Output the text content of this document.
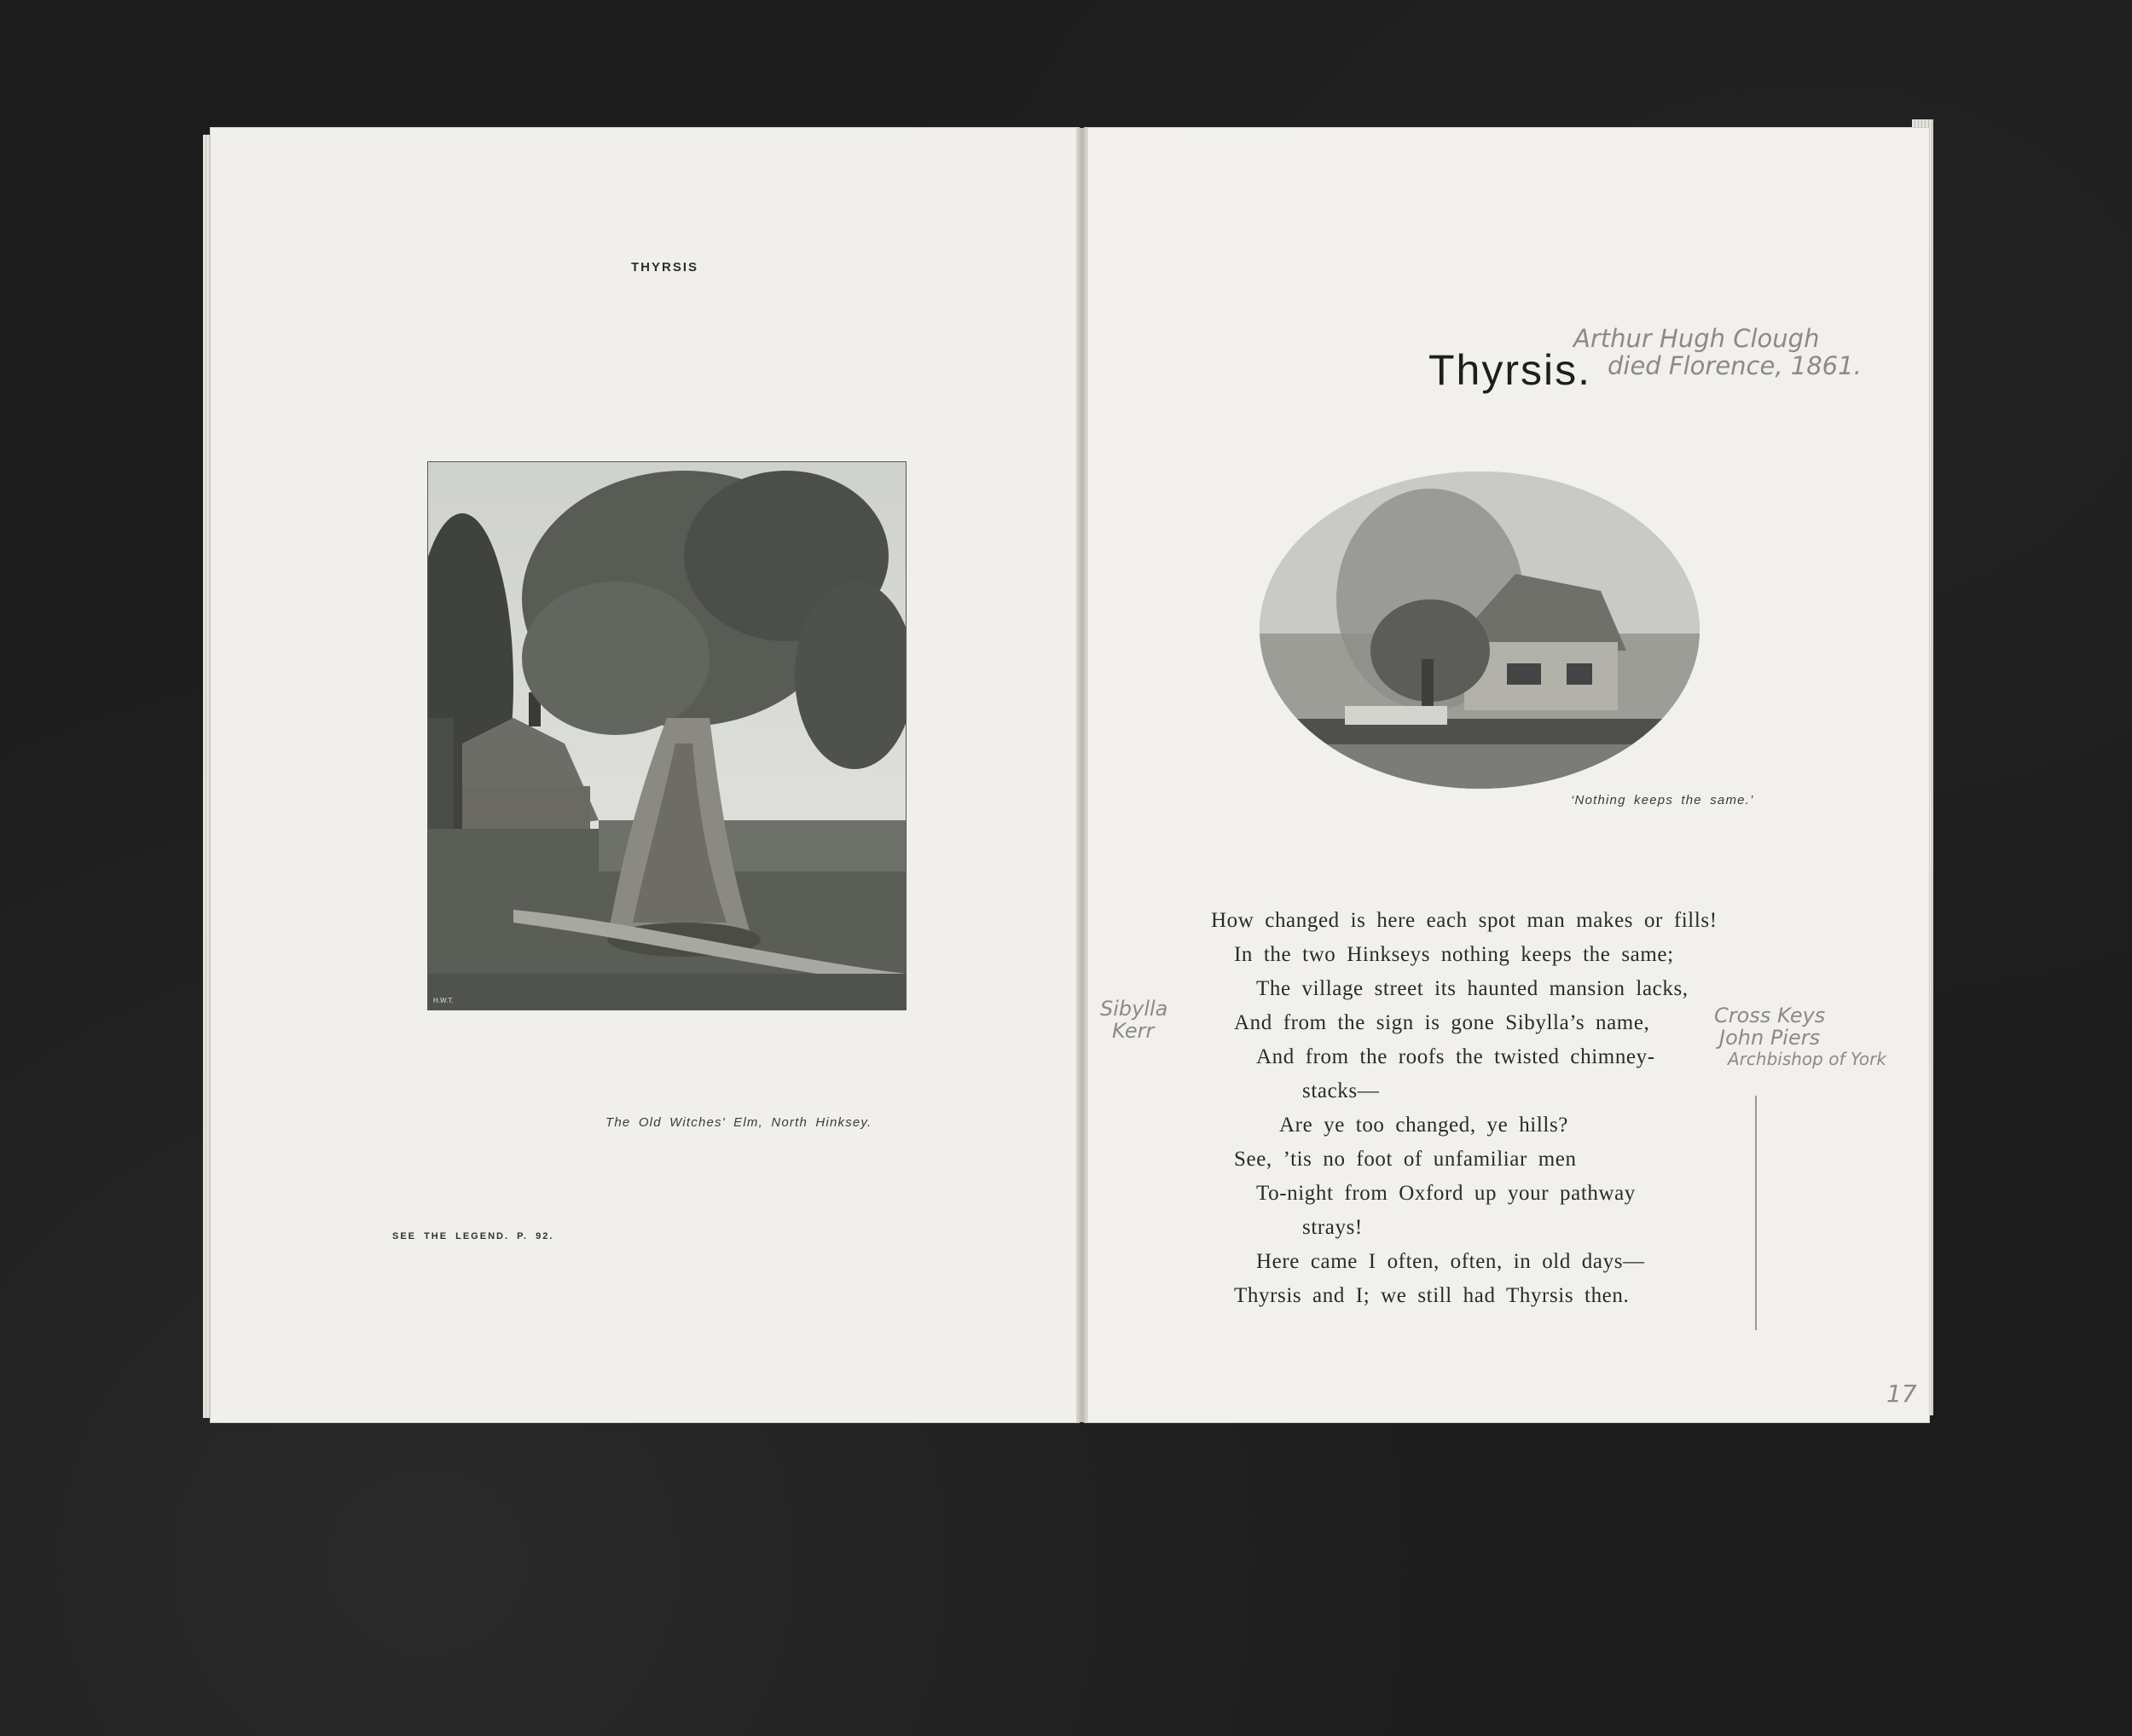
THYRSIS
H.W.T.
The Old Witches' Elm, North Hinksey.
SEE THE LEGEND. P. 92.
Thyrsis.
Arthur Hugh Clough
died Florence, 1861.
‘Nothing keeps the same.’
How changed is here each spot man makes or fills!
In the two Hinkseys nothing keeps the same;
The village street its haunted mansion lacks,
And from the sign is gone Sibylla’s name,
And from the roofs the twisted chimney-
stacks—
Are ye too changed, ye hills?
See, ’tis no foot of unfamiliar men
To-night from Oxford up your pathway
strays!
Here came I often, often, in old days—
Thyrsis and I; we still had Thyrsis then.
Sibylla
Kerr
Cross Keys
John Piers
Archbishop of York
17
